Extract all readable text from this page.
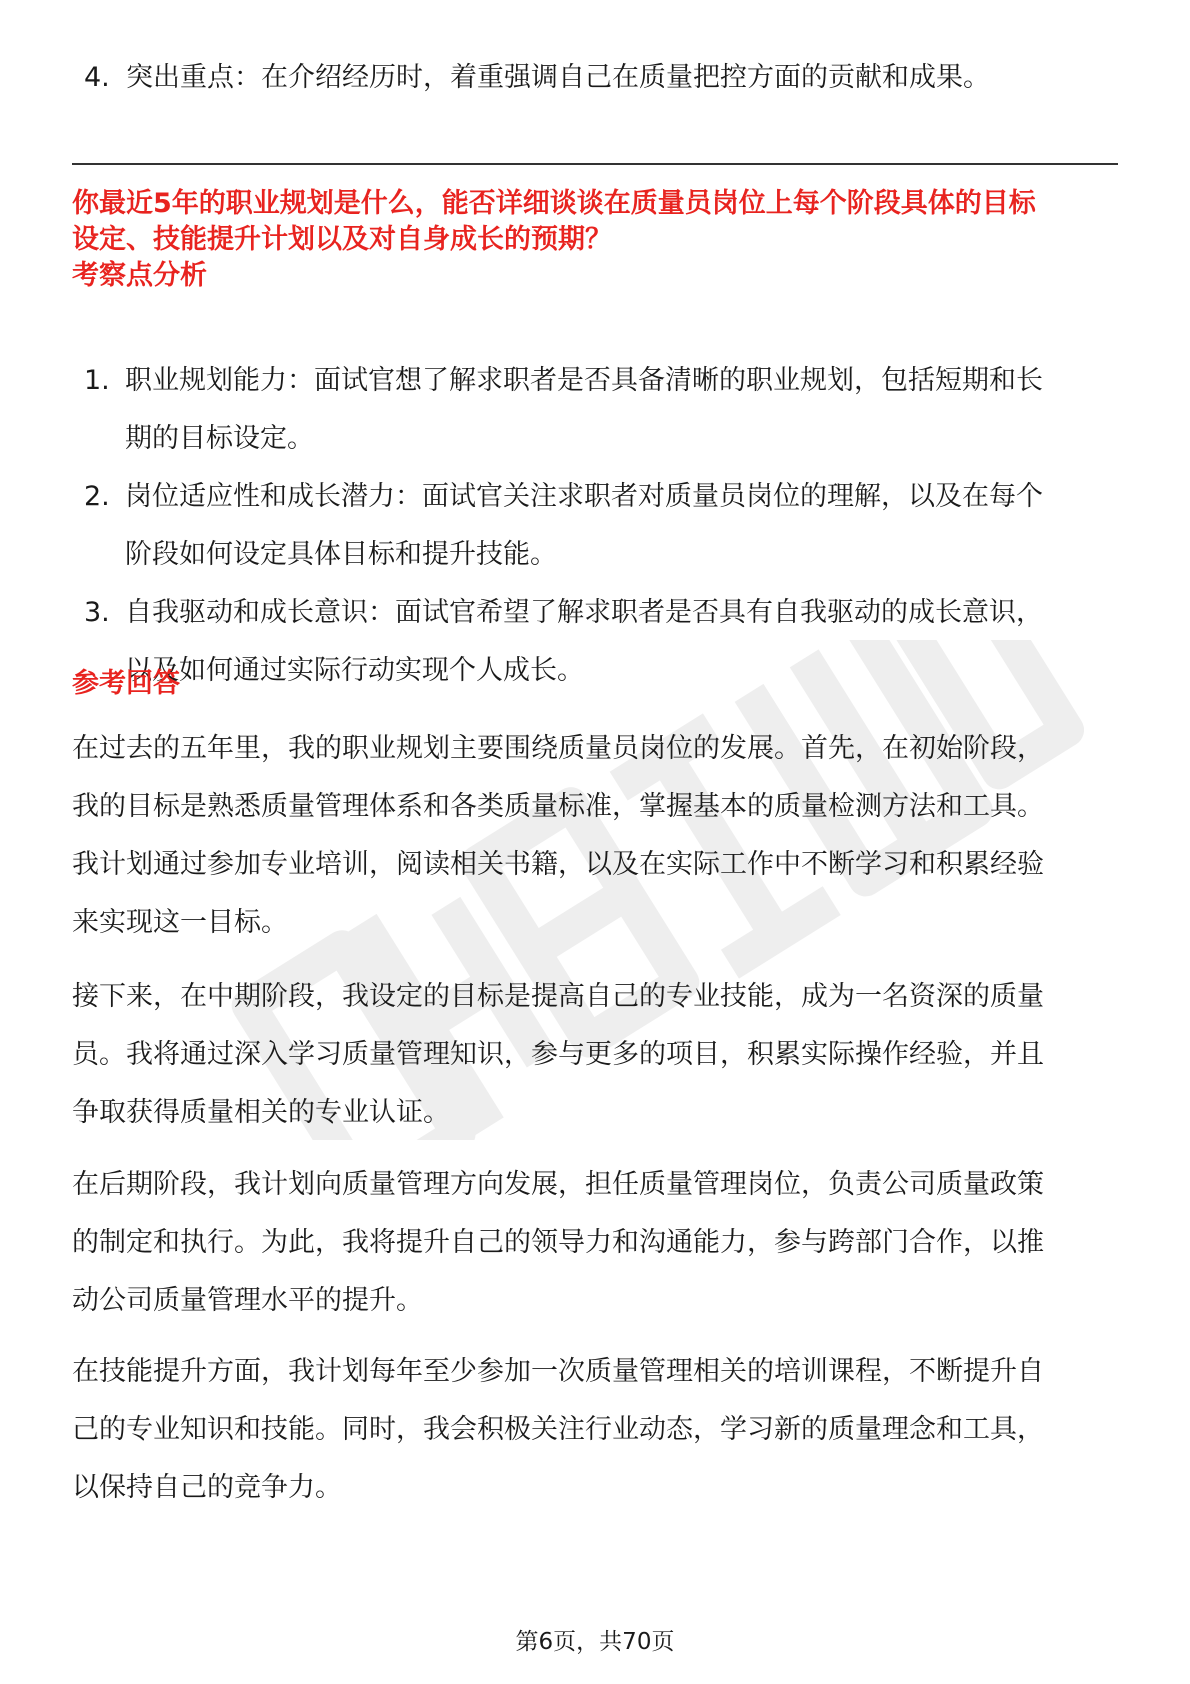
4. 突出重点：在介绍经历时，着重强调自己在质量把控方面的贡献和成果。
你最近5年的职业规划是什么，能否详细谈谈在质量员岗位上每个阶段具体的目标
设定、技能提升计划以及对自身成长的预期？
考察点分析
1. 职业规划能力：面试官想了解求职者是否具备清晰的职业规划，包括短期和长
期的目标设定。
2. 岗位适应性和成长潜力：面试官关注求职者对质量员岗位的理解，以及在每个
阶段如何设定具体目标和提升技能。
3. 自我驱动和成长意识：面试官希望了解求职者是否具有自我驱动的成长意识，
以及如何通过实际行动实现个人成长。
参考回答
在过去的五年里，我的职业规划主要围绕质量员岗位的发展。首先，在初始阶段，
我的目标是熟悉质量管理体系和各类质量标准，掌握基本的质量检测方法和工具。
我计划通过参加专业培训，阅读相关书籍，以及在实际工作中不断学习和积累经验
来实现这一目标。
接下来，在中期阶段，我设定的目标是提高自己的专业技能，成为一名资深的质量
员。我将通过深入学习质量管理知识，参与更多的项目，积累实际操作经验，并且
争取获得质量相关的专业认证。
在后期阶段，我计划向质量管理方向发展，担任质量管理岗位，负责公司质量政策
的制定和执行。为此，我将提升自己的领导力和沟通能力，参与跨部门合作，以推
动公司质量管理水平的提升。
在技能提升方面，我计划每年至少参加一次质量管理相关的培训课程，不断提升自
己的专业知识和技能。同时，我会积极关注行业动态，学习新的质量理念和工具，
以保持自己的竞争力。
第6页，共70页
